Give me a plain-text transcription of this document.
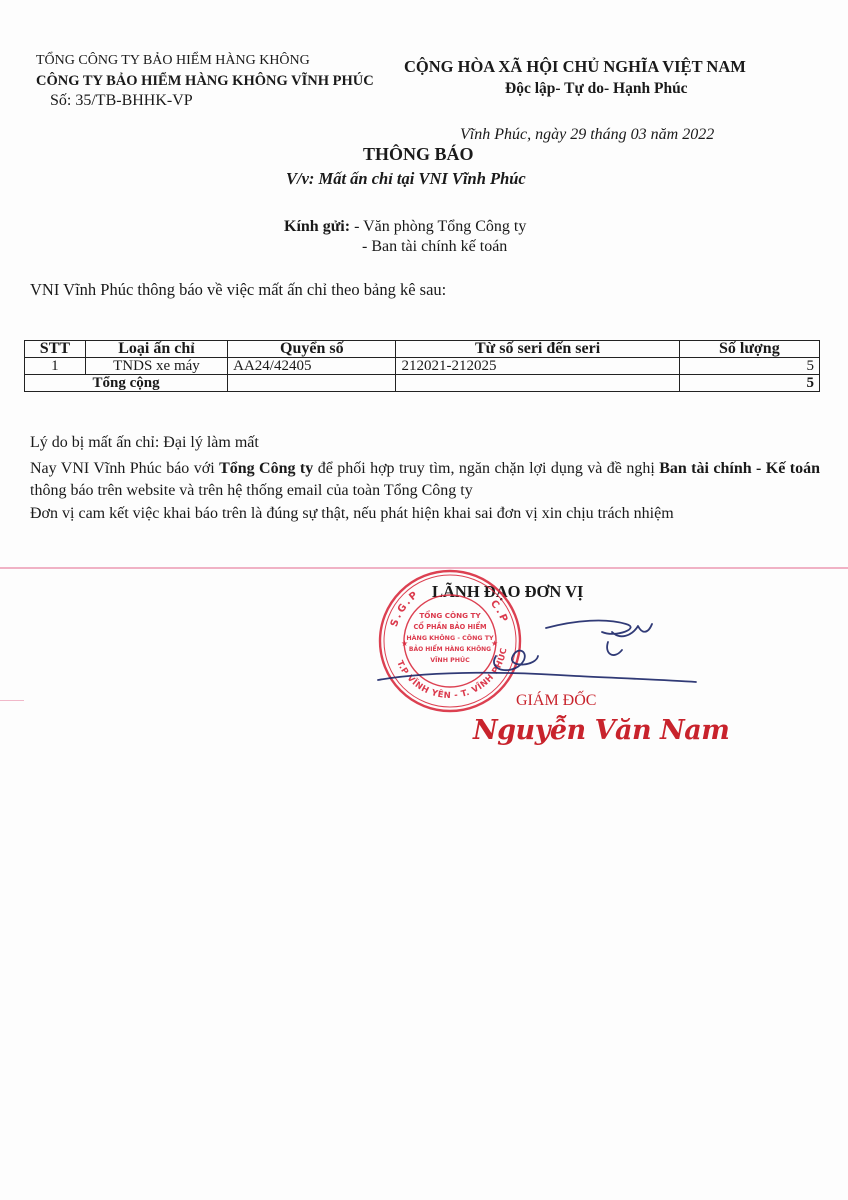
TỔNG CÔNG TY BẢO HIỂM HÀNG KHÔNG
CÔNG TY BẢO HIỂM HÀNG KHÔNG VĨNH PHÚC
Số: 35/TB-BHHK-VP
CỘNG HÒA XÃ HỘI CHỦ NGHĨA VIỆT NAM
Độc lập- Tự do- Hạnh Phúc
Vĩnh Phúc, ngày 29 tháng 03 năm 2022
THÔNG BÁO
V/v: Mất ấn chỉ tại VNI Vĩnh Phúc
Kính gửi: - Văn phòng Tổng Công ty
- Ban tài chính kế toán
VNI Vĩnh Phúc thông báo về việc mất ấn chỉ theo bảng kê sau:
STT	Loại ấn chỉ	Quyển số	Từ số seri đến seri	Số lượng
1	TNDS xe máy	AA24/42405	212021-212025	5
Tổng cộng				5
Lý do bị mất ấn chỉ: Đại lý làm mất
Nay VNI Vĩnh Phúc báo với Tổng Công ty để phối hợp truy tìm, ngăn chặn lợi dụng và đề nghị Ban tài chính - Kế toán thông báo trên website và trên hệ thống email của toàn Tổng Công ty
Đơn vị cam kết việc khai báo trên là đúng sự thật, nếu phát hiện khai sai đơn vị xin chịu trách nhiệm
LÃNH ĐẠO ĐƠN VỊ
S.G.P
C.P
T.P VĨNH YÊN - T. VĨNH PHÚC
TỔNG CÔNG TY
CỔ PHẦN BẢO HIỂM
HÀNG KHÔNG - CÔNG TY
BẢO HIỂM HÀNG KHÔNG
VĨNH PHÚC
★	★
GIÁM ĐỐC
Nguyễn Văn Nam
